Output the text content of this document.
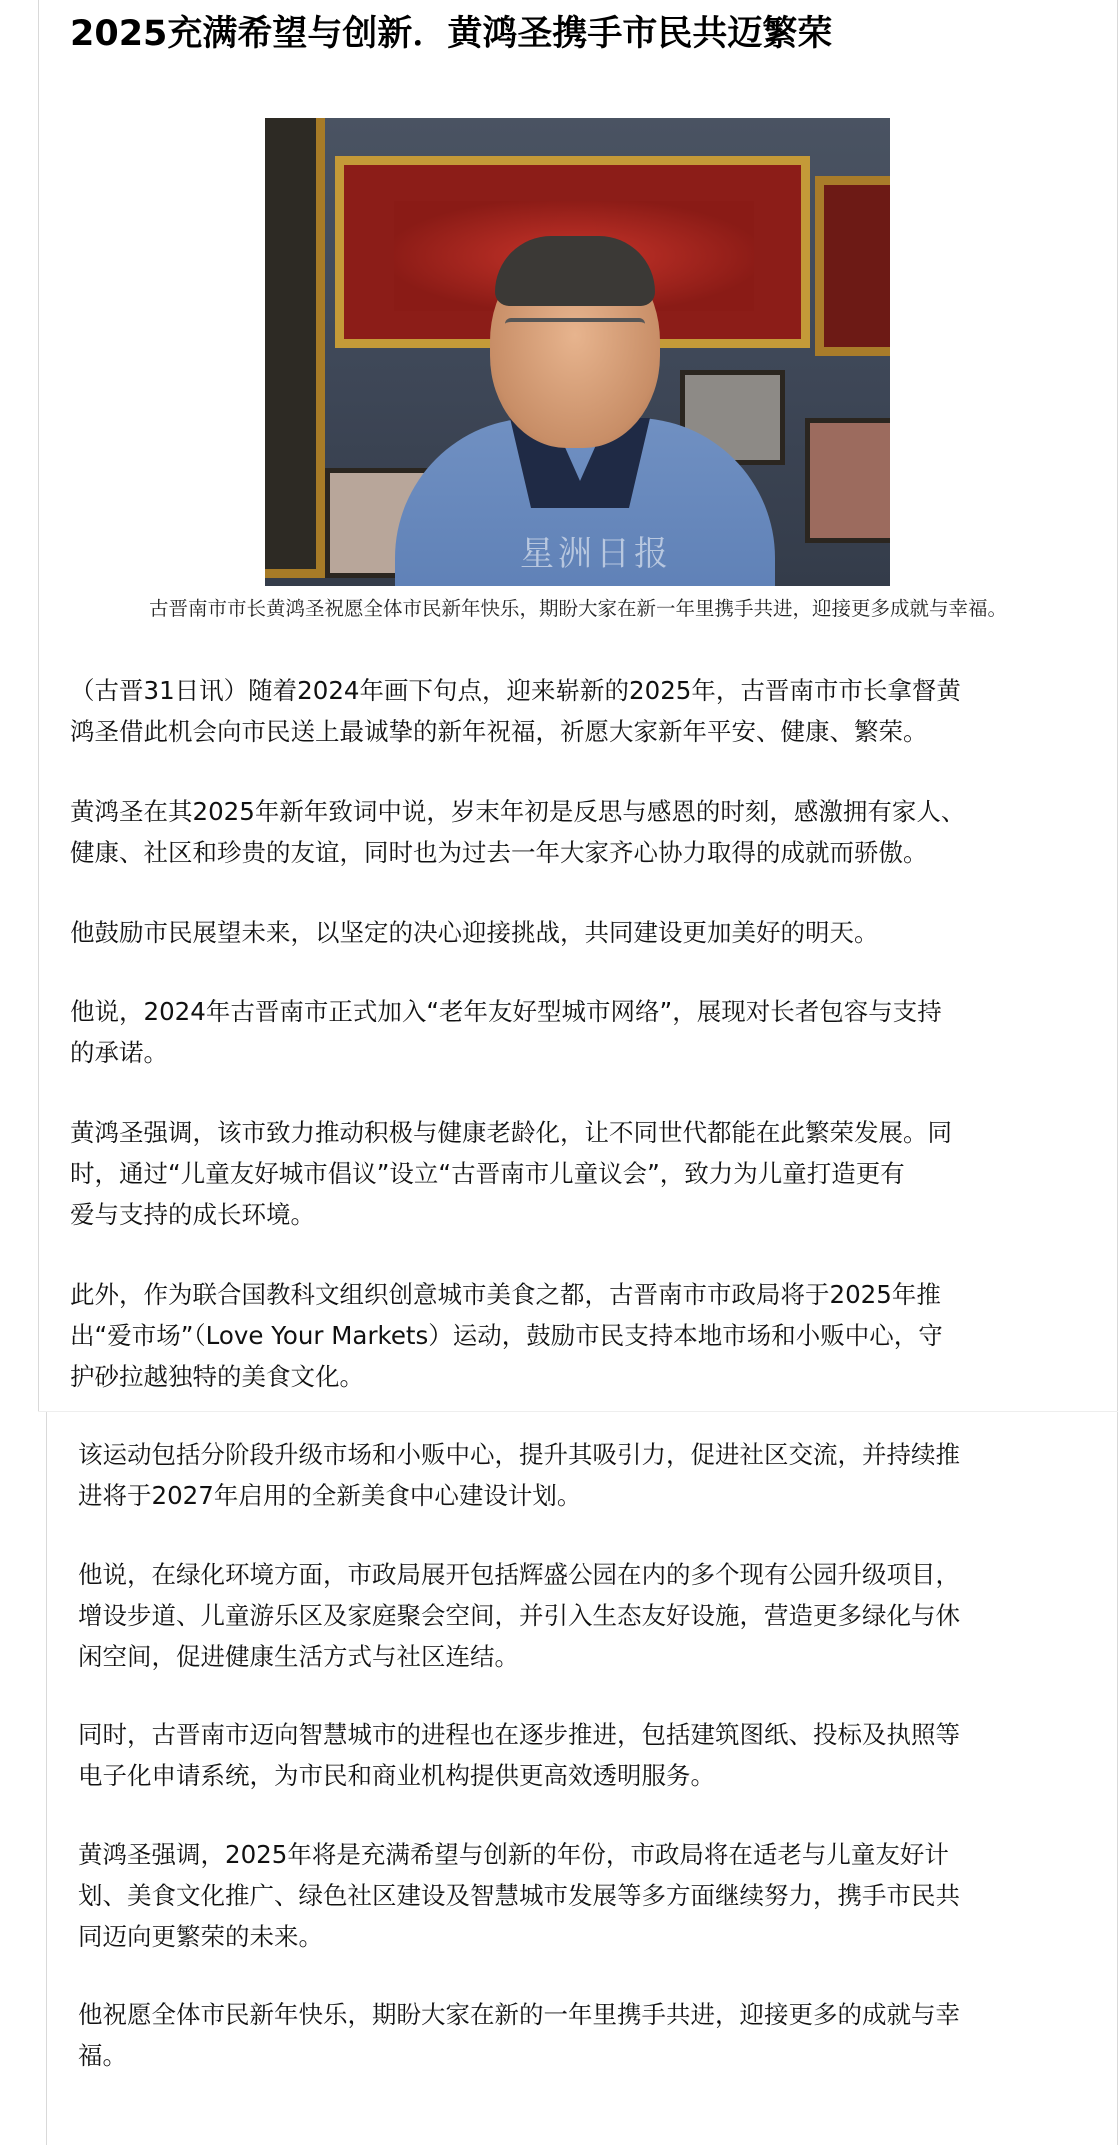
2025充满希望与创新．黄鸿圣携手市民共迈繁荣
星洲日报
古晋南市市长黄鸿圣祝愿全体市民新年快乐，期盼大家在新一年里携手共进，迎接更多成就与幸福。

（古晋31日讯）随着2024年画下句点，迎来崭新的2025年，古晋南市市长拿督黄
鸿圣借此机会向市民送上最诚挚的新年祝福，祈愿大家新年平安、健康、繁荣。

黄鸿圣在其2025年新年致词中说，岁末年初是反思与感恩的时刻，感激拥有家人、
健康、社区和珍贵的友谊，同时也为过去一年大家齐心协力取得的成就而骄傲。

他鼓励市民展望未来，以坚定的决心迎接挑战，共同建设更加美好的明天。

他说，2024年古晋南市正式加入“老年友好型城市网络”，展现对长者包容与支持
的承诺。

黄鸿圣强调，该市致力推动积极与健康老龄化，让不同世代都能在此繁荣发展。同
时，通过“儿童友好城市倡议”设立“古晋南市儿童议会”，致力为儿童打造更有
爱与支持的成长环境。

此外，作为联合国教科文组织创意城市美食之都，古晋南市市政局将于2025年推
出“爱市场”（Love Your Markets）运动，鼓励市民支持本地市场和小贩中心，守
护砂拉越独特的美食文化。

该运动包括分阶段升级市场和小贩中心，提升其吸引力，促进社区交流，并持续推
进将于2027年启用的全新美食中心建设计划。

他说，在绿化环境方面，市政局展开包括辉盛公园在内的多个现有公园升级项目，
增设步道、儿童游乐区及家庭聚会空间，并引入生态友好设施，营造更多绿化与休
闲空间，促进健康生活方式与社区连结。

同时，古晋南市迈向智慧城市的进程也在逐步推进，包括建筑图纸、投标及执照等
电子化申请系统，为市民和商业机构提供更高效透明服务。

黄鸿圣强调，2025年将是充满希望与创新的年份，市政局将在适老与儿童友好计
划、美食文化推广、绿色社区建设及智慧城市发展等多方面继续努力，携手市民共
同迈向更繁荣的未来。

他祝愿全体市民新年快乐，期盼大家在新的一年里携手共进，迎接更多的成就与幸
福。
